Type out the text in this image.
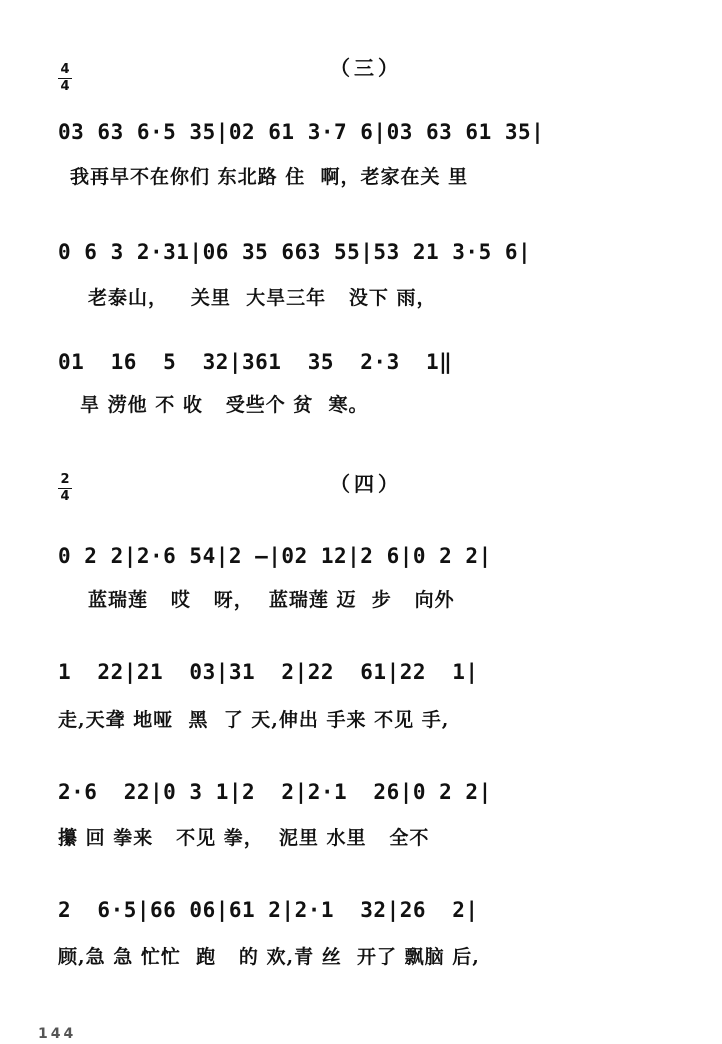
4
4
（三）
03 63 6·5 35|02 61 3·7 6|03 63 61 35|
我再早不在你们 东北路 住  啊，老家在关 里
0 6 3 2·31|06 35 663 55|53 21 3·5 6|
老泰山，   关里  大旱三年   没下 雨，
01  16  5  32|361  35  2·3  1‖
旱 涝他 不 收   受些个 贫  寒。
2
4
（四）
0 2 2|2·6 54|2 —|02 12|2 6|0 2 2|
蓝瑞莲   哎   呀，  蓝瑞莲 迈  步   向外
1  22|21  03|31  2|22  61|22  1|
走,天聋 地哑  黑  了 天,伸出 手来 不见 手,
2·6  22|0 3 1|2  2|2·1  26|0 2 2|
攥 回 拳来   不见 拳，  泥里 水里   全不
2  6·5|66 06|61 2|2·1  32|26  2|
顾,急 急 忙忙  跑   的 欢,青 丝  开了 飘脑 后,
144
